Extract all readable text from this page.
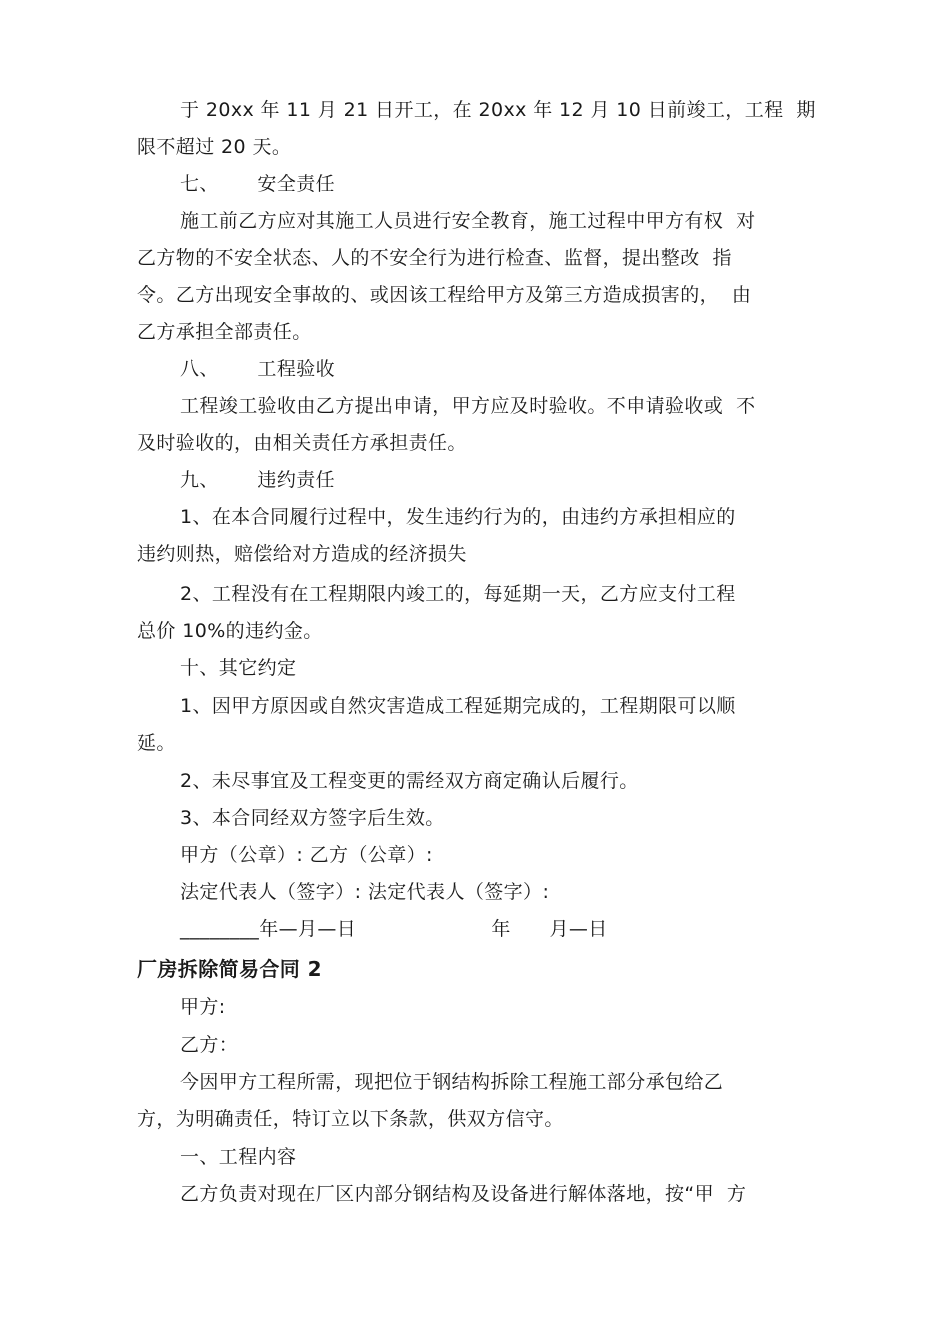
于 20xx 年 11 月 21 日开工，在 20xx 年 12 月 10 日前竣工，工程  期
限不超过 20 天。
七、      安全责任
施工前乙方应对其施工人员进行安全教育，施工过程中甲方有权  对
乙方物的不安全状态、人的不安全行为进行检查、监督，提出整改  指
令。乙方出现安全事故的、或因该工程给甲方及第三方造成损害的，  由
乙方承担全部责任。
八、      工程验收
工程竣工验收由乙方提出申请，甲方应及时验收。不申请验收或  不
及时验收的，由相关责任方承担责任。
九、      违约责任
1、在本合同履行过程中，发生违约行为的，由违约方承担相应的
违约则热，赔偿给对方造成的经济损失
2、工程没有在工程期限内竣工的，每延期一天，乙方应支付工程
总价 10%的违约金。
十、其它约定
1、因甲方原因或自然灾害造成工程延期完成的，工程期限可以顺
延。
2、未尽事宜及工程变更的需经双方商定确认后履行。
3、本合同经双方签字后生效。
甲方（公章）: 乙方（公章）:
法定代表人（签字）: 法定代表人（签字）:
________年—月—日                     年      月—日
厂房拆除简易合同 2
甲方:
乙方：
今因甲方工程所需，现把位于钢结构拆除工程施工部分承包给乙
方，为明确责任，特订立以下条款，供双方信守。
一、工程内容
乙方负责对现在厂区内部分钢结构及设备进行解体落地，按“甲  方
